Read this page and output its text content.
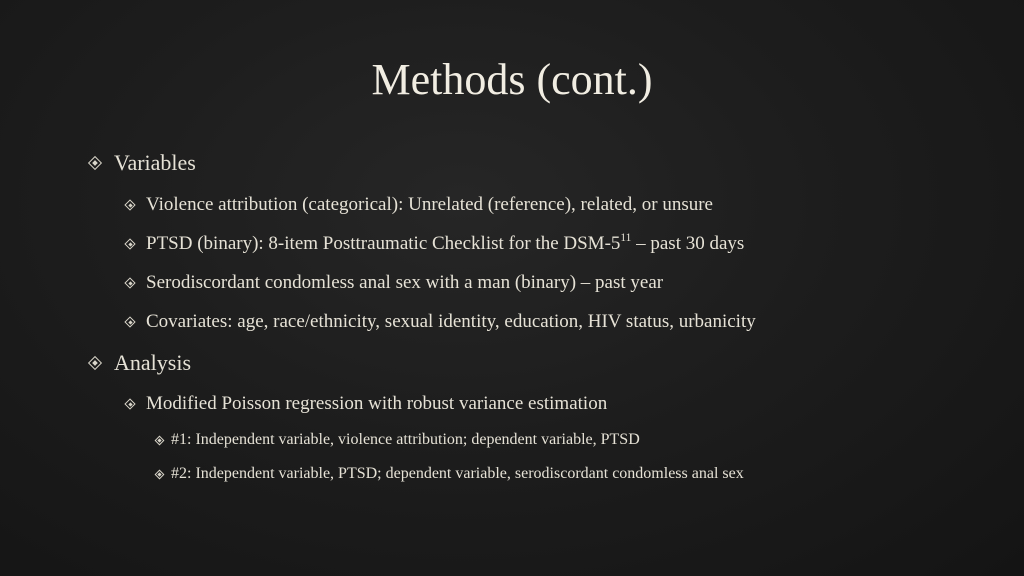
Methods (cont.)
Variables
Violence attribution (categorical): Unrelated (reference), related, or unsure
PTSD (binary): 8-item Posttraumatic Checklist for the DSM-$5^{11}$ – past 30 days
Serodiscordant condomless anal sex with a man (binary) – past year
Covariates: age, race/ethnicity, sexual identity, education, HIV status, urbanicity
Analysis
Modified Poisson regression with robust variance estimation
#1: Independent variable, violence attribution; dependent variable, PTSD
#2: Independent variable, PTSD; dependent variable, serodiscordant condomless anal sex
